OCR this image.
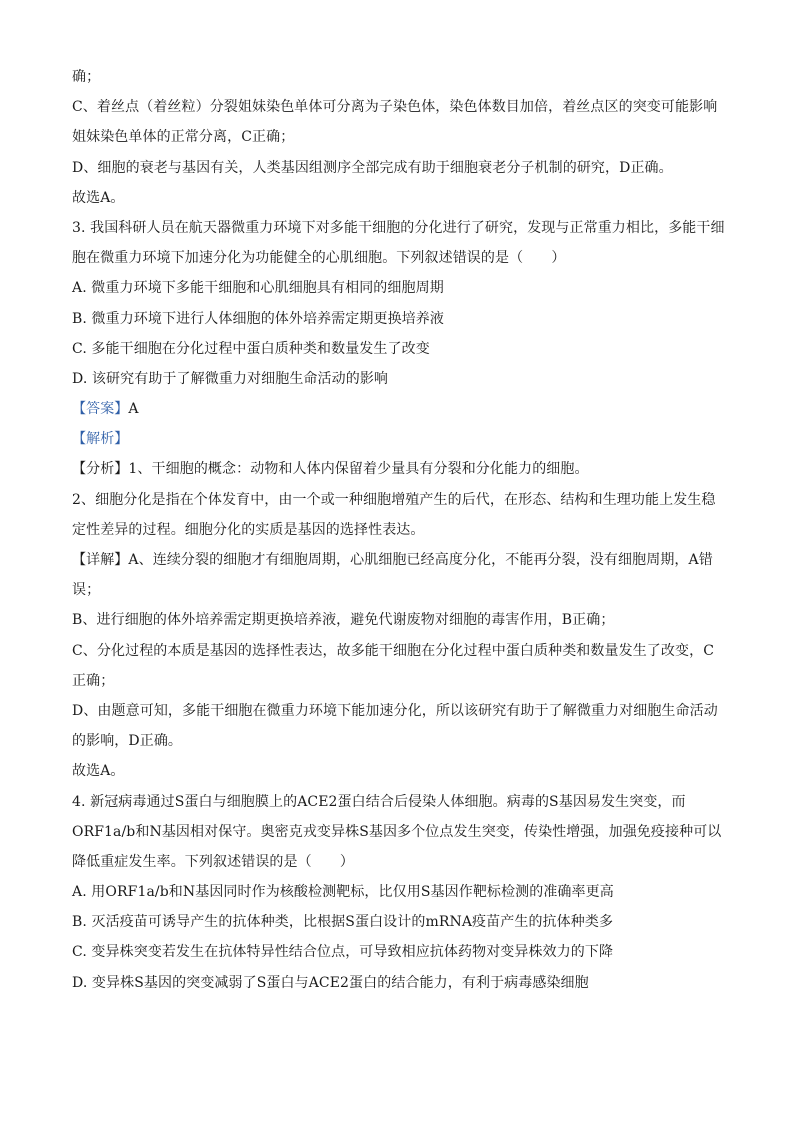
确；
C、着丝点（着丝粒）分裂姐妹染色单体可分离为子染色体，染色体数目加倍，着丝点区的突变可能影响
姐妹染色单体的正常分离，C正确；
D、细胞的衰老与基因有关，人类基因组测序全部完成有助于细胞衰老分子机制的研究，D正确。
故选A。
3. 我国科研人员在航天器微重力环境下对多能干细胞的分化进行了研究，发现与正常重力相比，多能干细
胞在微重力环境下加速分化为功能健全的心肌细胞。下列叙述错误的是（　　）
A. 微重力环境下多能干细胞和心肌细胞具有相同的细胞周期
B. 微重力环境下进行人体细胞的体外培养需定期更换培养液
C. 多能干细胞在分化过程中蛋白质种类和数量发生了改变
D. 该研究有助于了解微重力对细胞生命活动的影响
【答案】A
【解析】
【分析】1、干细胞的概念：动物和人体内保留着少量具有分裂和分化能力的细胞。
2、细胞分化是指在个体发育中，由一个或一种细胞增殖产生的后代，在形态、结构和生理功能上发生稳
定性差异的过程。细胞分化的实质是基因的选择性表达。
【详解】A、连续分裂的细胞才有细胞周期，心肌细胞已经高度分化，不能再分裂，没有细胞周期，A错
误；
B、进行细胞的体外培养需定期更换培养液，避免代谢废物对细胞的毒害作用，B正确；
C、分化过程的本质是基因的选择性表达，故多能干细胞在分化过程中蛋白质种类和数量发生了改变，C
正确；
D、由题意可知，多能干细胞在微重力环境下能加速分化，所以该研究有助于了解微重力对细胞生命活动
的影响，D正确。
故选A。
4. 新冠病毒通过S蛋白与细胞膜上的ACE2蛋白结合后侵染人体细胞。病毒的S基因易发生突变，而
ORF1a/b和N基因相对保守。奥密克戎变异株S基因多个位点发生突变，传染性增强，加强免疫接种可以
降低重症发生率。下列叙述错误的是（　　）
A. 用ORF1a/b和N基因同时作为核酸检测靶标，比仅用S基因作靶标检测的准确率更高
B. 灭活疫苗可诱导产生的抗体种类，比根据S蛋白设计的mRNA疫苗产生的抗体种类多
C. 变异株突变若发生在抗体特异性结合位点，可导致相应抗体药物对变异株效力的下降
D. 变异株S基因的突变减弱了S蛋白与ACE2蛋白的结合能力，有利于病毒感染细胞
